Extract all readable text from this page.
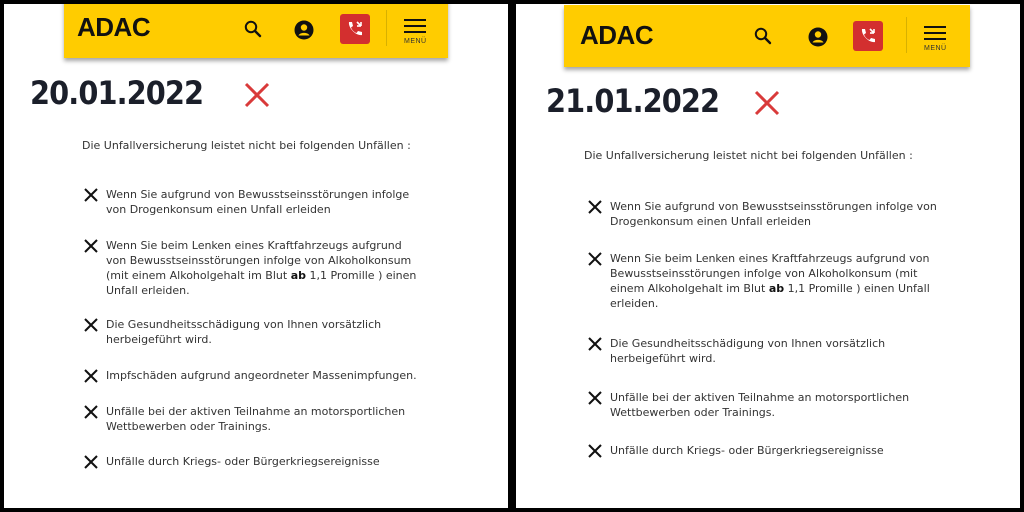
ADAC	MENÜ
20.01.2022
Die Unfallversicherung leistet nicht bei folgenden Unfällen :
Wenn Sie aufgrund von Bewusstseinsstörungen infolge von Drogenkonsum einen Unfall erleiden
Wenn Sie beim Lenken eines Kraftfahrzeugs aufgrund von Bewusstseinsstörungen infolge von Alkoholkonsum (mit einem Alkoholgehalt im Blut ab 1,1 Promille ) einen Unfall erleiden.
Die Gesundheitsschädigung von Ihnen vorsätzlich herbeigeführt wird.
Impfschäden aufgrund angeordneter Massenimpfungen.
Unfälle bei der aktiven Teilnahme an motorsportlichen Wettbewerben oder Trainings.
Unfälle durch Kriegs- oder Bürgerkriegsereignisse
ADAC	MENÜ
21.01.2022
Die Unfallversicherung leistet nicht bei folgenden Unfällen :
Wenn Sie aufgrund von Bewusstseinsstörungen infolge von Drogenkonsum einen Unfall erleiden
Wenn Sie beim Lenken eines Kraftfahrzeugs aufgrund von Bewusstseinsstörungen infolge von Alkoholkonsum (mit einem Alkoholgehalt im Blut ab 1,1 Promille ) einen Unfall erleiden.
Die Gesundheitsschädigung von Ihnen vorsätzlich herbeigeführt wird.
Unfälle bei der aktiven Teilnahme an motorsportlichen Wettbewerben oder Trainings.
Unfälle durch Kriegs- oder Bürgerkriegsereignisse
